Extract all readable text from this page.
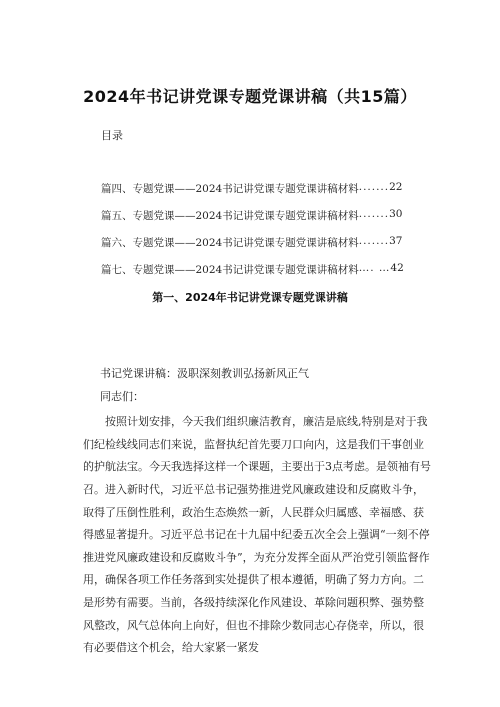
2024年书记讲党课专题党课讲稿（共15篇）
目录
篇四、专题党课——2024书记讲党课专题党课讲稿材料 ....... 22
篇五、专题党课——2024书记讲党课专题党课讲稿材料 ....... 30
篇六、专题党课——2024书记讲党课专题党课讲稿材料 ....... 37
篇七、专题党课——2024书记讲党课专题党课讲稿材料 …. … 42
第一、2024年书记讲党课专题党课讲稿

书记党课讲稿：汲职深刻教训弘扬新风正气

同志们：

按照计划安排，今天我们组织廉洁教育，廉洁是底线,特别是对于我们纪检线线同志们来说，监督执纪首先要刀口向内，这是我们干事创业的护航法宝。今天我选择这样一个课题，主要出于3点考虑。是领袖有号召。进入新时代，习近平总书记强势推进党风廉政建设和反腐败斗争，取得了压倒性胜利，政治生态焕然一新，人民群众归属感、幸福感、获得感显著提升。习近平总书记在十九届中纪委五次全会上强调“一刻不停推进党风廉政建设和反腐败斗争”，为充分发挥全面从严治党引领监督作用，确保各项工作任务落到实处提供了根本遵循，明确了努力方向。二是形势有需要。当前，各级持续深化作风建设、革除问题积弊、强势整风整改，风气总体向上向好，但也不排除少数同志心存侥幸，所以，很有必要借这个机会，给大家紧一紧发
